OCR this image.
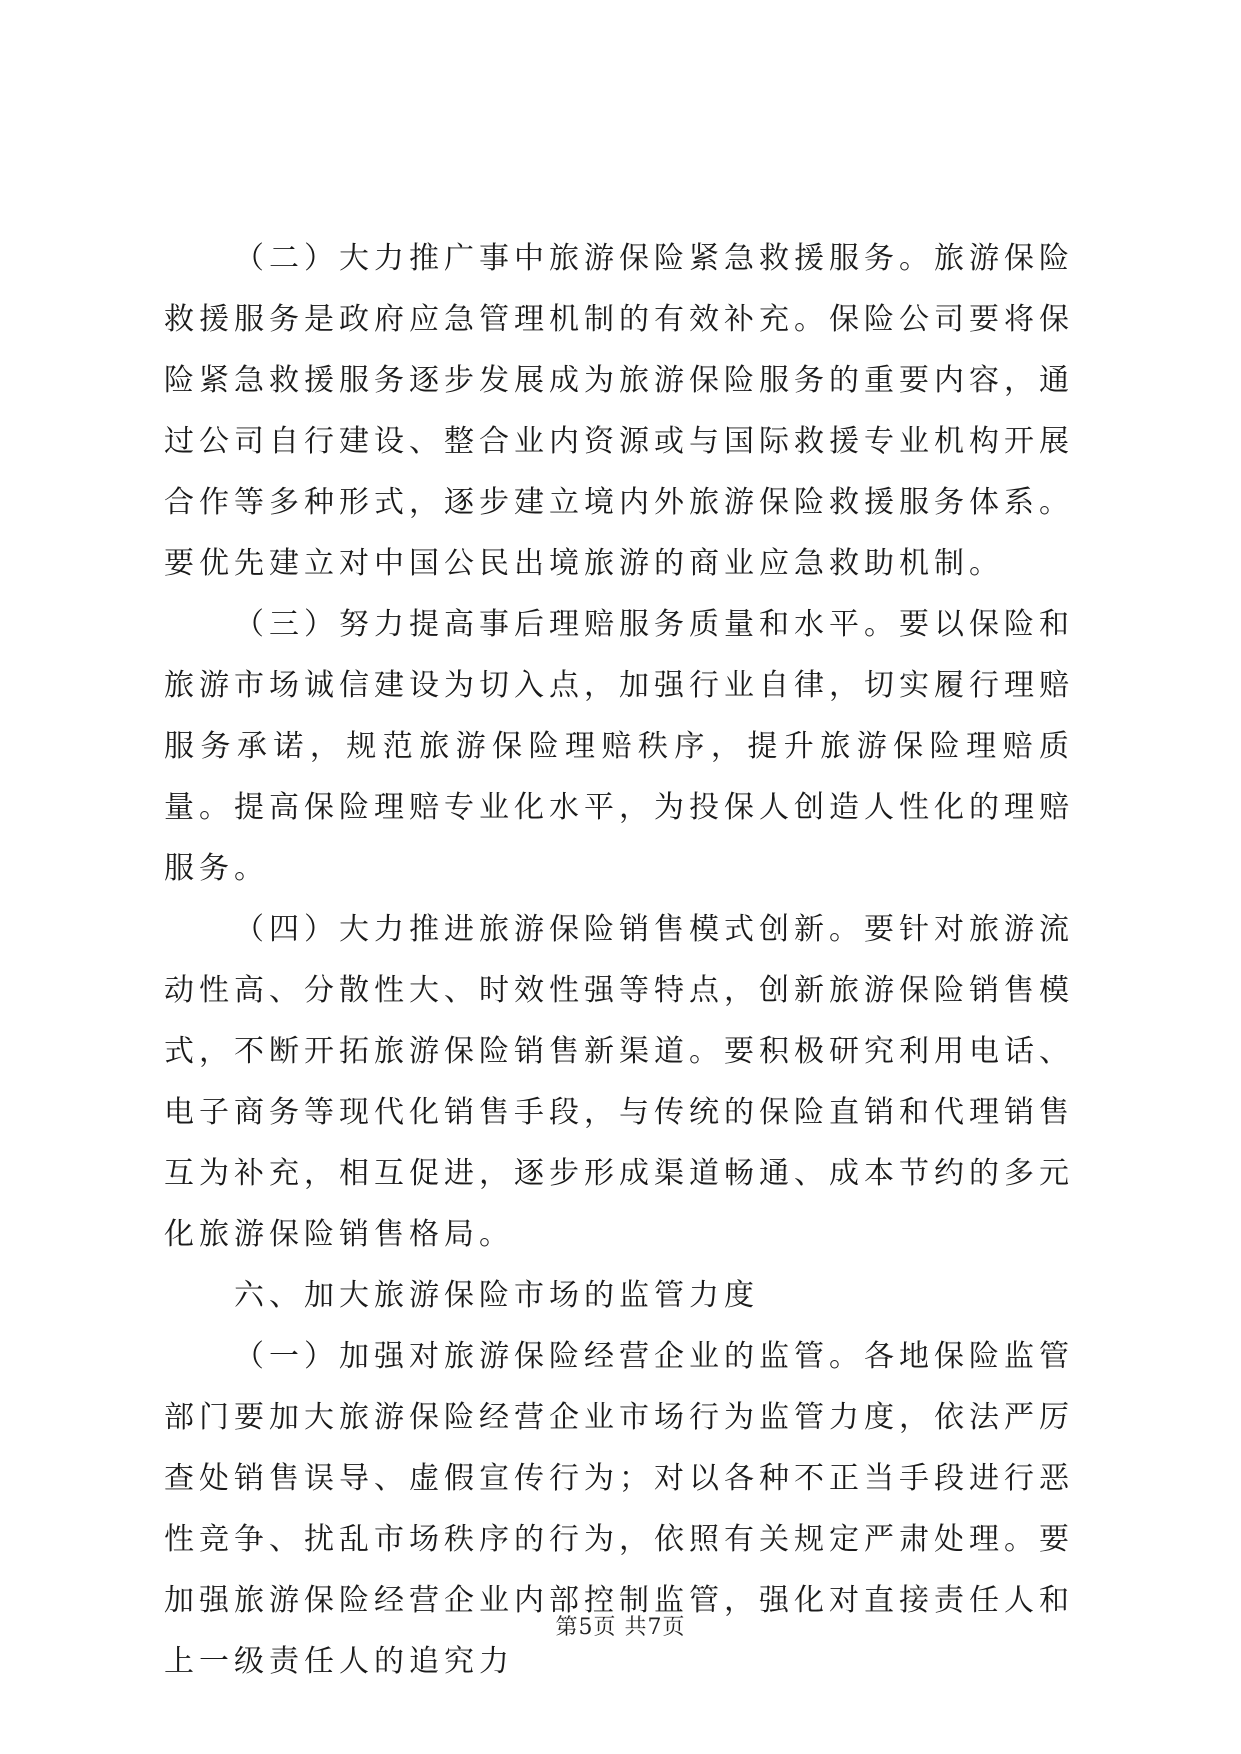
（二）大力推广事中旅游保险紧急救援服务。旅游保险救援服务是政府应急管理机制的有效补充。保险公司要将保险紧急救援服务逐步发展成为旅游保险服务的重要内容，通过公司自行建设、整合业内资源或与国际救援专业机构开展合作等多种形式，逐步建立境内外旅游保险救援服务体系。要优先建立对中国公民出境旅游的商业应急救助机制。

（三）努力提高事后理赔服务质量和水平。要以保险和旅游市场诚信建设为切入点，加强行业自律，切实履行理赔服务承诺，规范旅游保险理赔秩序，提升旅游保险理赔质量。提高保险理赔专业化水平，为投保人创造人性化的理赔服务。

（四）大力推进旅游保险销售模式创新。要针对旅游流动性高、分散性大、时效性强等特点，创新旅游保险销售模式，不断开拓旅游保险销售新渠道。要积极研究利用电话、电子商务等现代化销售手段，与传统的保险直销和代理销售互为补充，相互促进，逐步形成渠道畅通、成本节约的多元化旅游保险销售格局。

六、加大旅游保险市场的监管力度

（一）加强对旅游保险经营企业的监管。各地保险监管部门要加大旅游保险经营企业市场行为监管力度，依法严厉查处销售误导、虚假宣传行为；对以各种不正当手段进行恶性竞争、扰乱市场秩序的行为，依照有关规定严肃处理。要加强旅游保险经营企业内部控制监管，强化对直接责任人和上一级责任人的追究力

第5页 共7页
